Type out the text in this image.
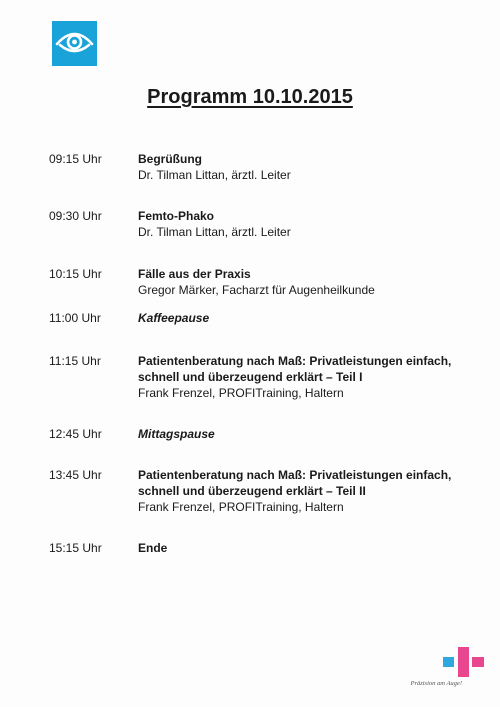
Programm 10.10.2015
09:15 Uhr	Begrüßung
Dr. Tilman Littan, ärztl. Leiter
09:30 Uhr	Femto-Phako
Dr. Tilman Littan, ärztl. Leiter
10:15 Uhr	Fälle aus der Praxis
Gregor Märker, Facharzt für Augenheilkunde
11:00 Uhr	Kaffeepause
11:15 Uhr	Patientenberatung nach Maß: Privatleistungen einfach,
schnell und überzeugend erklärt – Teil I
Frank Frenzel, PROFITraining, Haltern
12:45 Uhr	Mittagspause
13:45 Uhr	Patientenberatung nach Maß: Privatleistungen einfach,
schnell und überzeugend erklärt – Teil II
Frank Frenzel, PROFITraining, Haltern
15:15 Uhr	Ende
Präzision am Auge!
